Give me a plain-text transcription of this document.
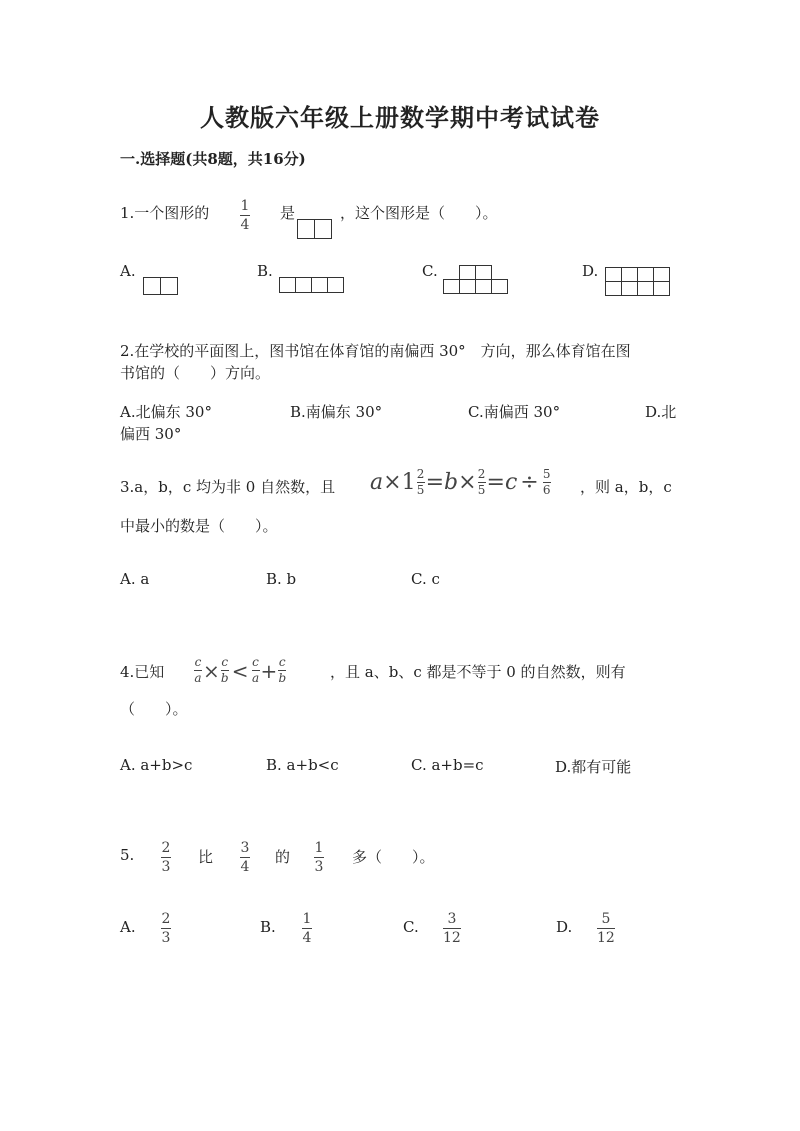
人教版六年级上册数学期中考试试卷
一.选择题(共8题，共16分)
1.一个图形的 1
4
是	，这个图形是（　　）。
A.	B.	C.	D.
2.在学校的平面图上，图书馆在体育馆的南偏西 30°　方向，那么体育馆在图
书馆的（　　）方向。
A.北偏东 30°	B.南偏东 30°	C.南偏西 30°	D.北
偏西 30°
3.a，b，c 均为非 0 自然数，且 a × 1 2
5 = b × 2
5 = c ÷ 5
6 ，则 a，b，c
中最小的数是（　　）。
A. a	B. b	C. c
4.已知
c
a × c
b < c
a + c
b	，且 a、b、c 都是不等于 0 的自然数，则有
（　　）。
A. a+b>c	B. a+b<c	C. a+b=c	D.都有可能
5. 2
3
比 3
4
的 1
3
多（　　）。
A. 2
3
B. 1
4
C. 3
12
D. 5
12
